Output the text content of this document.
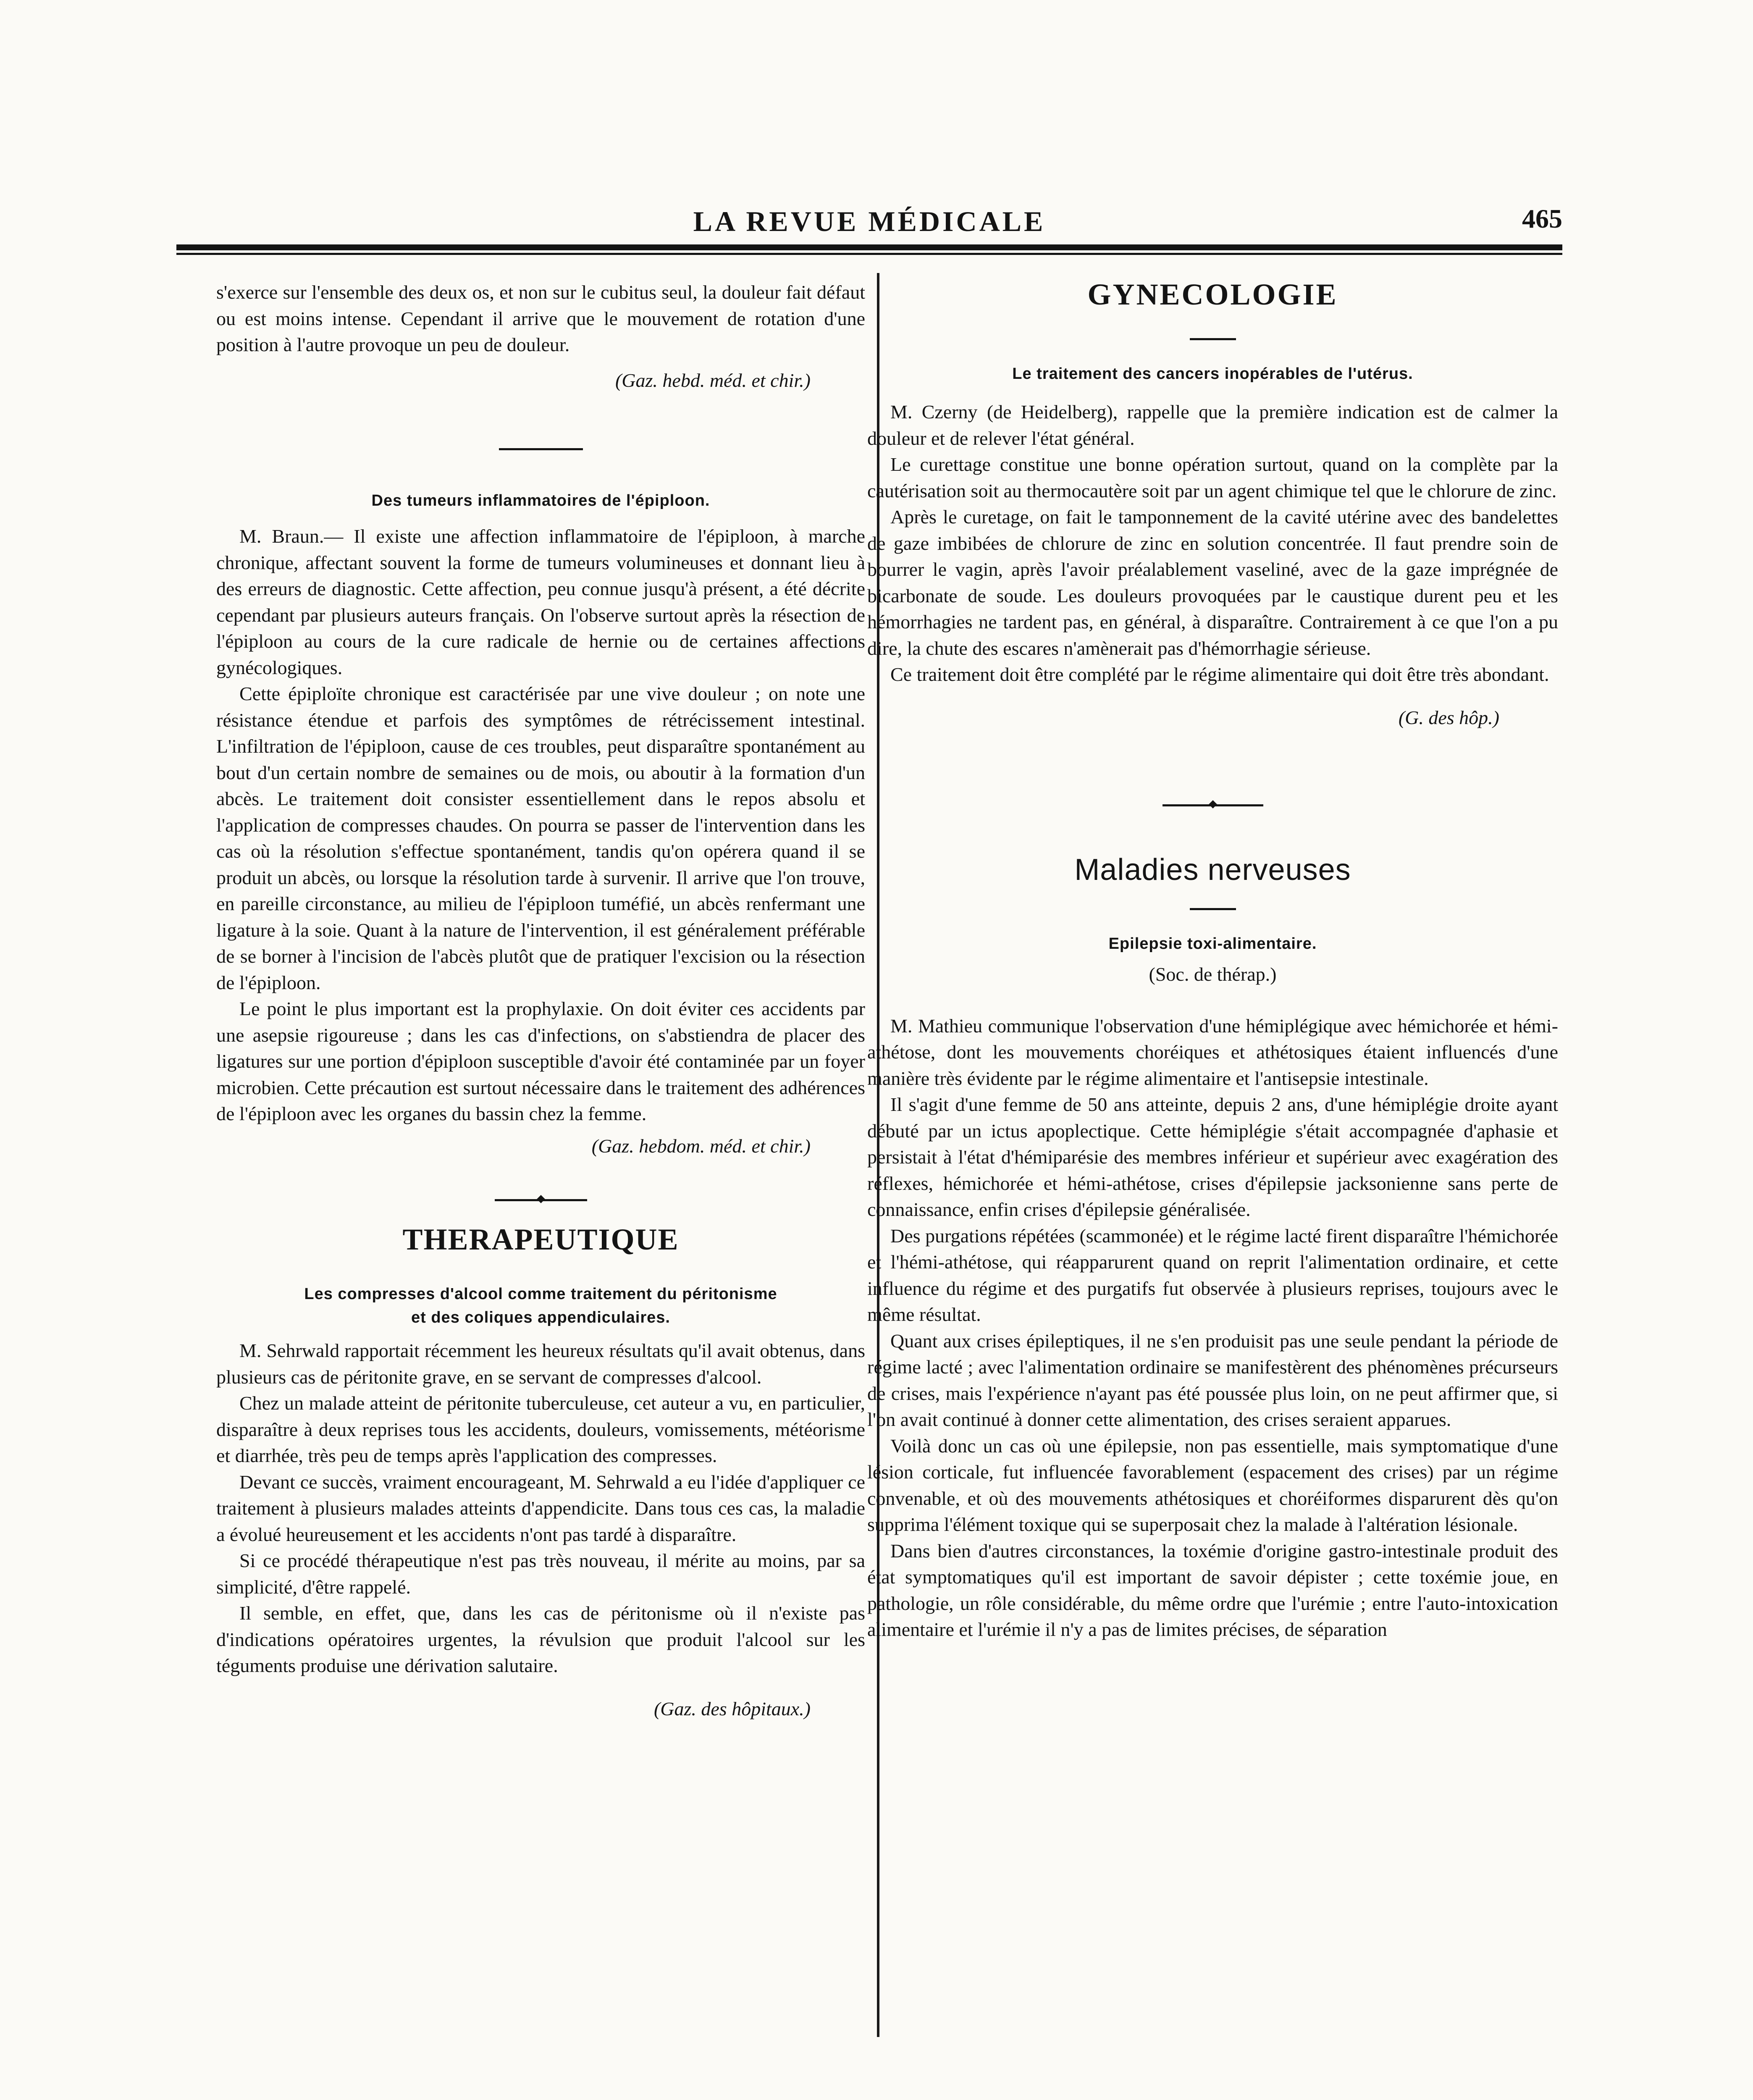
LA REVUE MÉDICALE	465

s'exerce sur l'ensemble des deux os, et non sur le cubitus seul, la douleur fait défaut ou est moins intense. Cependant il arrive que le mouvement de rotation d'une position à l'autre provoque un peu de douleur.

(Gaz. hebd. méd. et chir.)
Des tumeurs inflammatoires de l'épiploon.

M. Braun.— Il existe une affection inflammatoire de l'épiploon, à marche chronique, affectant souvent la forme de tumeurs volumineuses et donnant lieu à des erreurs de diagnostic. Cette affection, peu connue jusqu'à présent, a été décrite cependant par plusieurs auteurs français. On l'observe surtout après la résection de l'épiploon au cours de la cure radicale de hernie ou de certaines affections gynécologiques.

Cette épiploïte chronique est caractérisée par une vive douleur ; on note une résistance étendue et parfois des symptômes de rétrécissement intestinal. L'infiltration de l'épiploon, cause de ces troubles, peut disparaître spontanément au bout d'un certain nombre de semaines ou de mois, ou aboutir à la formation d'un abcès. Le traitement doit consister essentiellement dans le repos absolu et l'application de compresses chaudes. On pourra se passer de l'intervention dans les cas où la résolution s'effectue spontanément, tandis qu'on opérera quand il se produit un abcès, ou lorsque la résolution tarde à survenir. Il arrive que l'on trouve, en pareille circonstance, au milieu de l'épiploon tuméfié, un abcès renfermant une ligature à la soie. Quant à la nature de l'intervention, il est généralement préférable de se borner à l'incision de l'abcès plutôt que de pratiquer l'excision ou la résection de l'épiploon.

Le point le plus important est la prophylaxie. On doit éviter ces accidents par une asepsie rigoureuse ; dans les cas d'infections, on s'abstiendra de placer des ligatures sur une portion d'épiploon susceptible d'avoir été contaminée par un foyer microbien. Cette précaution est surtout nécessaire dans le traitement des adhérences de l'épiploon avec les organes du bassin chez la femme.

(Gaz. hebdom. méd. et chir.)
THERAPEUTIQUE
Les compresses d'alcool comme traitement du péritonisme
et des coliques appendiculaires.

M. Sehrwald rapportait récemment les heureux résultats qu'il avait obtenus, dans plusieurs cas de péritonite grave, en se servant de compresses d'alcool.

Chez un malade atteint de péritonite tuberculeuse, cet auteur a vu, en particulier, disparaître à deux reprises tous les accidents, douleurs, vomissements, météorisme et diarrhée, très peu de temps après l'application des compresses.

Devant ce succès, vraiment encourageant, M. Sehrwald a eu l'idée d'appliquer ce traitement à plusieurs malades atteints d'appendicite. Dans tous ces cas, la maladie a évolué heureusement et les accidents n'ont pas tardé à disparaître.

Si ce procédé thérapeutique n'est pas très nouveau, il mérite au moins, par sa simplicité, d'être rappelé.

Il semble, en effet, que, dans les cas de péritonisme où il n'existe pas d'indications opératoires urgentes, la révulsion que produit l'alcool sur les téguments produise une dérivation salutaire.

(Gaz. des hôpitaux.)
GYNECOLOGIE
Le traitement des cancers inopérables de l'utérus.

M. Czerny (de Heidelberg), rappelle que la première indication est de calmer la douleur et de relever l'état général.

Le curettage constitue une bonne opération surtout, quand on la complète par la cautérisation soit au thermocautère soit par un agent chimique tel que le chlorure de zinc.

Après le curetage, on fait le tamponnement de la cavité utérine avec des bandelettes de gaze imbibées de chlorure de zinc en solution concentrée. Il faut prendre soin de bourrer le vagin, après l'avoir préalablement vaseliné, avec de la gaze imprégnée de bicarbonate de soude. Les douleurs provoquées par le caustique durent peu et les hémorrhagies ne tardent pas, en général, à disparaître. Contrairement à ce que l'on a pu dire, la chute des escares n'amènerait pas d'hémorrhagie sérieuse.

Ce traitement doit être complété par le régime alimentaire qui doit être très abondant.

(G. des hôp.)
Maladies nerveuses
Epilepsie toxi-alimentaire.
(Soc. de thérap.)

M. Mathieu communique l'observation d'une hémiplégique avec hémichorée et hémi-athétose, dont les mouvements choréiques et athétosiques étaient influencés d'une manière très évidente par le régime alimentaire et l'antisepsie intestinale.

Il s'agit d'une femme de 50 ans atteinte, depuis 2 ans, d'une hémiplégie droite ayant débuté par un ictus apoplectique. Cette hémiplégie s'était accompagnée d'aphasie et persistait à l'état d'hémiparésie des membres inférieur et supérieur avec exagération des réflexes, hémichorée et hémi-athétose, crises d'épilepsie jacksonienne sans perte de connaissance, enfin crises d'épilepsie généralisée.

Des purgations répétées (scammonée) et le régime lacté firent disparaître l'hémichorée et l'hémi-athétose, qui réapparurent quand on reprit l'alimentation ordinaire, et cette influence du régime et des purgatifs fut observée à plusieurs reprises, toujours avec le même résultat.

Quant aux crises épileptiques, il ne s'en produisit pas une seule pendant la période de régime lacté ; avec l'alimentation ordinaire se manifestèrent des phénomènes précurseurs de crises, mais l'expérience n'ayant pas été poussée plus loin, on ne peut affirmer que, si l'on avait continué à donner cette alimentation, des crises seraient apparues.

Voilà donc un cas où une épilepsie, non pas essentielle, mais symptomatique d'une lésion corticale, fut influencée favorablement (espacement des crises) par un régime convenable, et où des mouvements athétosiques et choréiformes disparurent dès qu'on supprima l'élément toxique qui se superposait chez la malade à l'altération lésionale.

Dans bien d'autres circonstances, la toxémie d'origine gastro-intestinale produit des état symptomatiques qu'il est important de savoir dépister ; cette toxémie joue, en pathologie, un rôle considérable, du même ordre que l'urémie ; entre l'auto-intoxication alimentaire et l'urémie il n'y a pas de limites précises, de séparation
